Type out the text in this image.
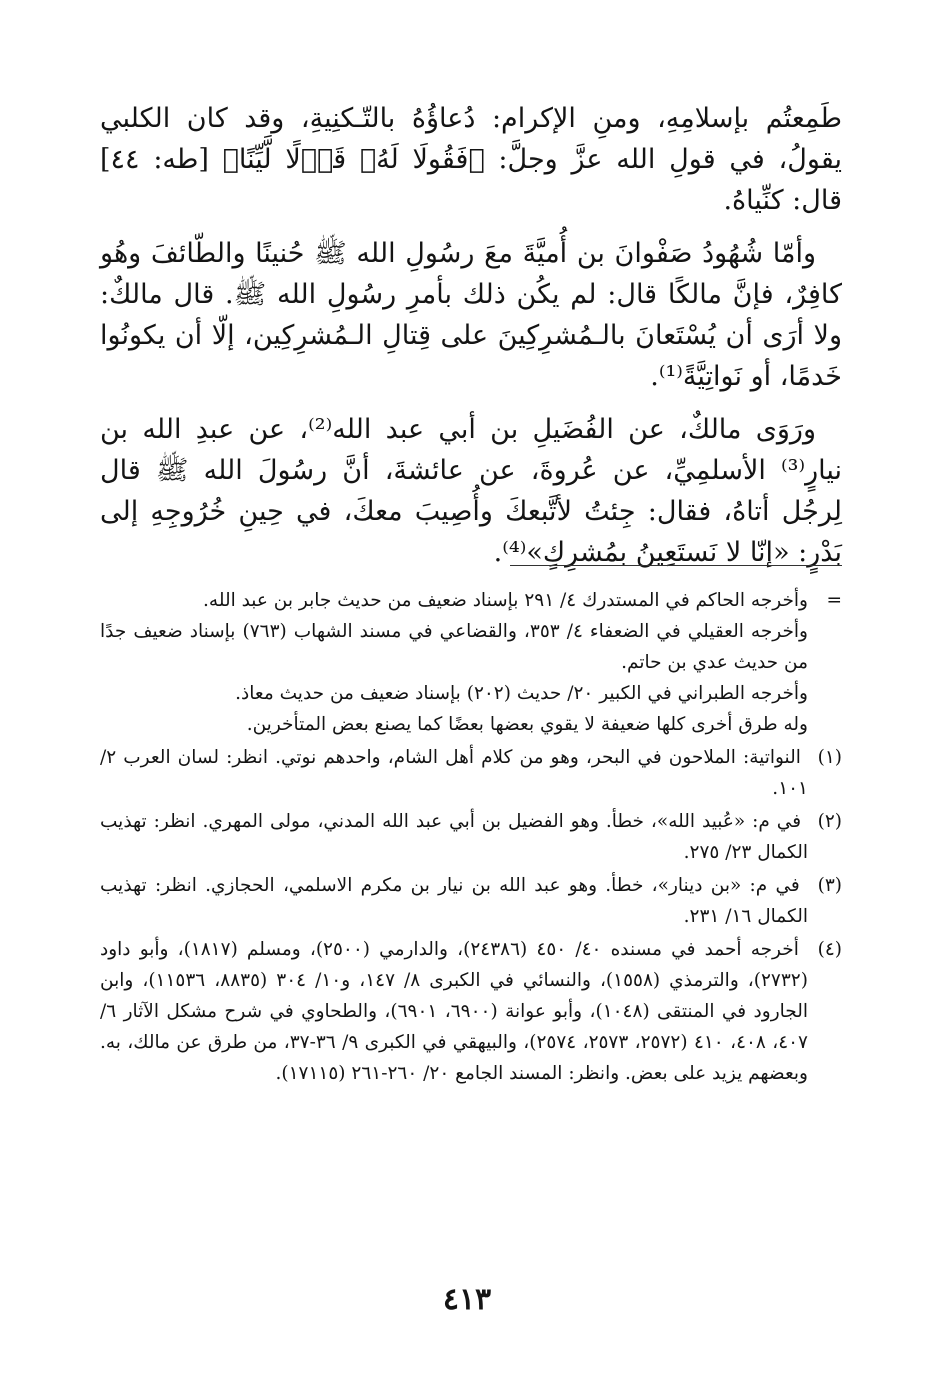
طَمِعتُم بإسلامِهِ، ومنِ الإكرام: دُعاؤُهُ بالتّـكنِيةِ، وقد كان الكلبي يقولُ، في قولِ الله عزَّ وجلَّ: ﴿فَقُولَا لَهُۥ قَوۡلًا لَّيِّنًا﴾ [طه: ٤٤] قال: كنِّياهُ.

وأمّا شُهُودُ صَفْوانَ بن أُميَّةَ معَ رسُولِ الله ﷺ حُنينًا والطّائفَ وهُو كافِرٌ، فإنَّ مالكًا قال: لم يكُن ذلك بأمرِ رسُولِ الله ﷺ. قال مالكٌ: ولا أرَى أن يُسْتَعانَ بالـمُشرِكِينَ على قِتالِ الـمُشرِكِين، إلّا أن يكونُوا خَدمًا، أو نَواتِيَّةً⁽¹⁾.

ورَوَى مالكٌ، عن الفُضَيلِ بن أبي عبد الله⁽²⁾، عن عبدِ الله بن نيارٍ⁽³⁾ الأسلمِيِّ، عن عُروةَ، عن عائشةَ، أنَّ رسُولَ الله ﷺ قال لِرجُل أتاهُ، فقال: جِئتُ لأتَّبعكَ وأُصِيبَ معكَ، في حِينِ خُرُوجِهِ إلى بَدْرٍ: «إنّا لا نَستَعِينُ بمُشرِكٍ»⁽⁴⁾.

=وأخرجه الحاكم في المستدرك ٤/ ٢٩١ بإسناد ضعيف من حديث جابر بن عبد الله.

وأخرجه العقيلي في الضعفاء ٤/ ٣٥٣، والقضاعي في مسند الشهاب (٧٦٣) بإسناد ضعيف جدًا من حديث عدي بن حاتم.

وأخرجه الطبراني في الكبير ٢٠/ حديث (٢٠٢) بإسناد ضعيف من حديث معاذ.

وله طرق أخرى كلها ضعيفة لا يقوي بعضها بعضًا كما يصنع بعض المتأخرين.

(١) النواتية: الملاحون في البحر، وهو من كلام أهل الشام، واحدهم نوتي. انظر: لسان العرب ٢/ ١٠١.

(٢) في م: «عُبيد الله»، خطأ. وهو الفضيل بن أبي عبد الله المدني، مولى المهري. انظر: تهذيب الكمال ٢٣/ ٢٧٥.

(٣) في م: «بن دينار»، خطأ. وهو عبد الله بن نيار بن مكرم الاسلمي، الحجازي. انظر: تهذيب الكمال ١٦/ ٢٣١.

(٤) أخرجه أحمد في مسنده ٤٠/ ٤٥٠ (٢٤٣٨٦)، والدارمي (٢٥٠٠)، ومسلم (١٨١٧)، وأبو داود (٢٧٣٢)، والترمذي (١٥٥٨)، والنسائي في الكبرى ٨/ ١٤٧، و١٠/ ٣٠٤ (٨٨٣٥، ١١٥٣٦)، وابن الجارود في المنتقى (١٠٤٨)، وأبو عوانة (٦٩٠٠، ٦٩٠١)، والطحاوي في شرح مشكل الآثار ٦/ ٤٠٧، ٤٠٨، ٤١٠ (٢٥٧٢، ٢٥٧٣، ٢٥٧٤)، والبيهقي في الكبرى ٩/ ٣٦-٣٧، من طرق عن مالك، به. وبعضهم يزيد على بعض. وانظر: المسند الجامع ٢٠/ ٢٦٠-٢٦١ (١٧١١٥).

٤١٣
